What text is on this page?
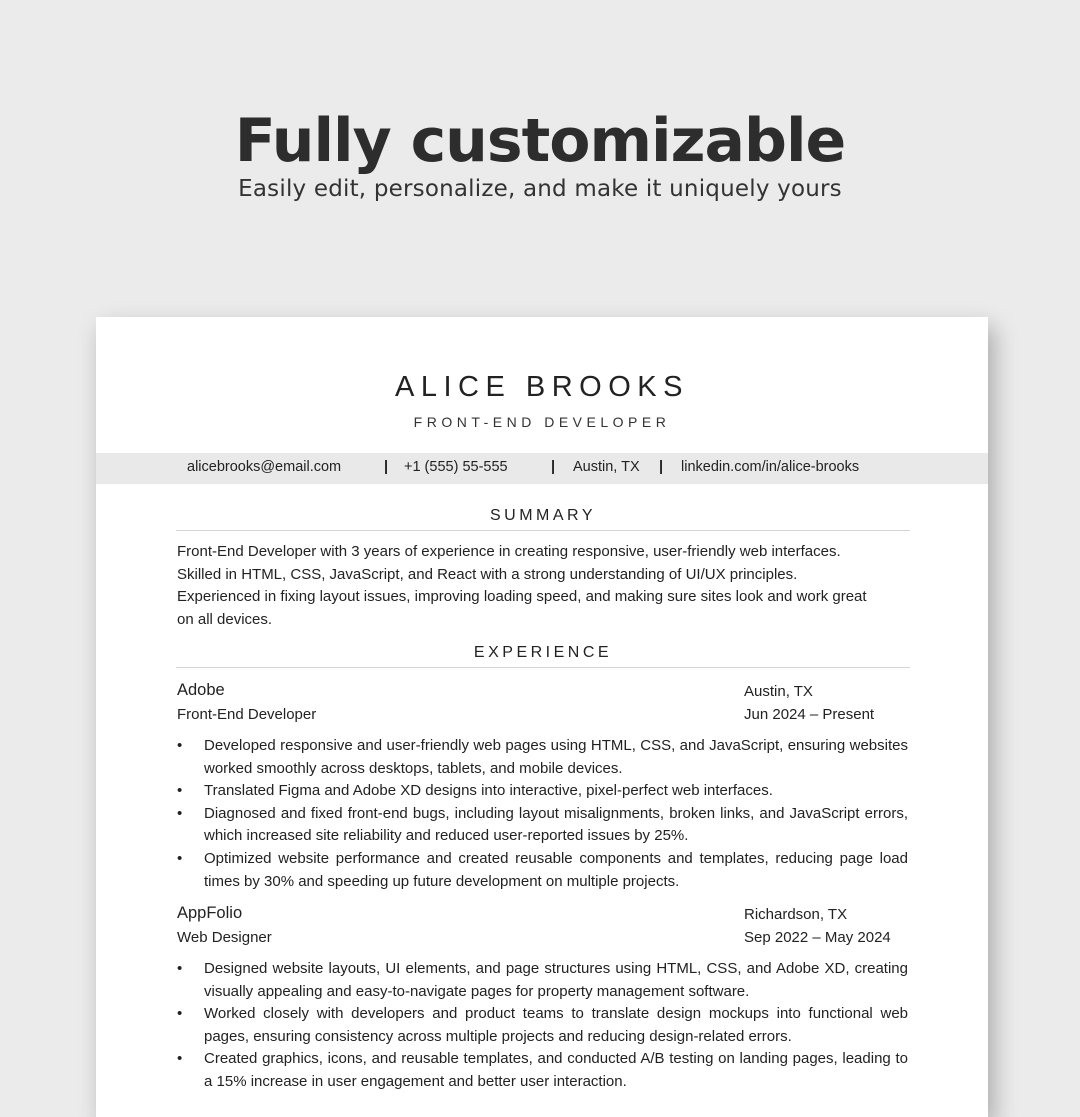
Fully customizable
Easily edit, personalize, and make it uniquely yours
ALICE BROOKS
FRONT-END DEVELOPER
alicebrooks@email.com	| +1 (555) 55-555	| Austin, TX | linkedin.com/in/alice-brooks
SUMMARY
Front-End Developer with 3 years of experience in creating responsive, user-friendly web interfaces. Skilled in HTML, CSS, JavaScript, and React with a strong understanding of UI/UX principles. Experienced in fixing layout issues, improving loading speed, and making sure sites look and work great on all devices.
EXPERIENCE
Adobe	Austin, TX
Front-End Developer	Jun 2024 – Present
• Developed responsive and user-friendly web pages using HTML, CSS, and JavaScript, ensuring websites worked smoothly across desktops, tablets, and mobile devices.
• Translated Figma and Adobe XD designs into interactive, pixel-perfect web interfaces.
• Diagnosed and fixed front-end bugs, including layout misalignments, broken links, and JavaScript errors, which increased site reliability and reduced user-reported issues by 25%.
• Optimized website performance and created reusable components and templates, reducing page load times by 30% and speeding up future development on multiple projects.
AppFolio	Richardson, TX
Web Designer	Sep 2022 – May 2024
• Designed website layouts, UI elements, and page structures using HTML, CSS, and Adobe XD, creating visually appealing and easy-to-navigate pages for property management software.
• Worked closely with developers and product teams to translate design mockups into functional web pages, ensuring consistency across multiple projects and reducing design-related errors.
• Created graphics, icons, and reusable templates, and conducted A/B testing on landing pages, leading to a 15% increase in user engagement and better user interaction.
